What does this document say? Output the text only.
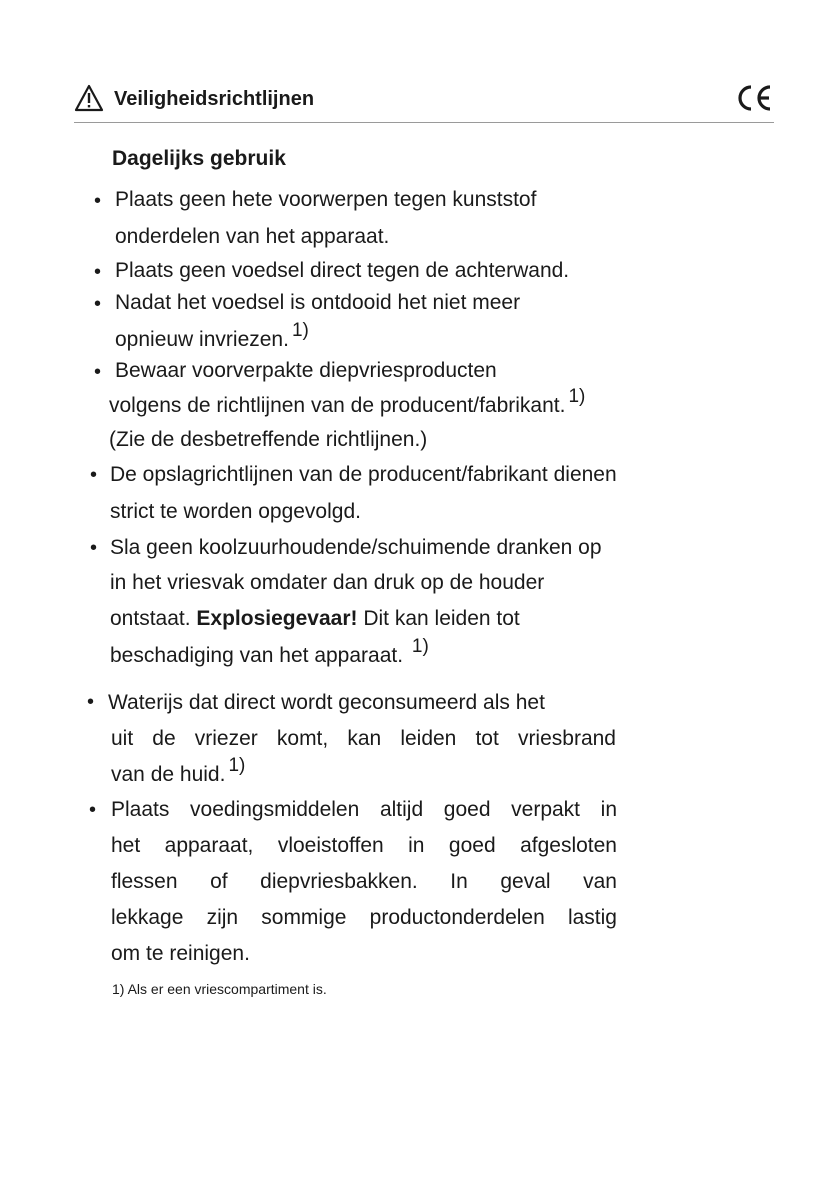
Veiligheidsrichtlijnen
Dagelijks gebruik
• Plaats geen hete voorwerpen tegen kunststof
onderdelen van het apparaat.
• Plaats geen voedsel direct tegen de achterwand.
• Nadat het voedsel is ontdooid het niet meer
opnieuw invriezen. 1)
• Bewaar voorverpakte diepvriesproducten
volgens de richtlijnen van de producent/fabrikant. 1)
(Zie de desbetreffende richtlijnen.)
• De opslagrichtlijnen van de producent/fabrikant dienen
strict te worden opgevolgd.
• Sla geen koolzuurhoudende/schuimende dranken op
in het vriesvak omdater dan druk op de houder
ontstaat. Explosiegevaar! Dit kan leiden tot
beschadiging van het apparaat. 1)
• Waterijs dat direct wordt geconsumeerd als het
uit de vriezer komt, kan leiden tot vriesbrand
van de huid. 1)
• Plaats voedingsmiddelen altijd goed verpakt in
het apparaat, vloeistoffen in goed afgesloten
flessen of diepvriesbakken. In geval van
lekkage zijn sommige productonderdelen lastig
om te reinigen.
1) Als er een vriescompartiment is.
